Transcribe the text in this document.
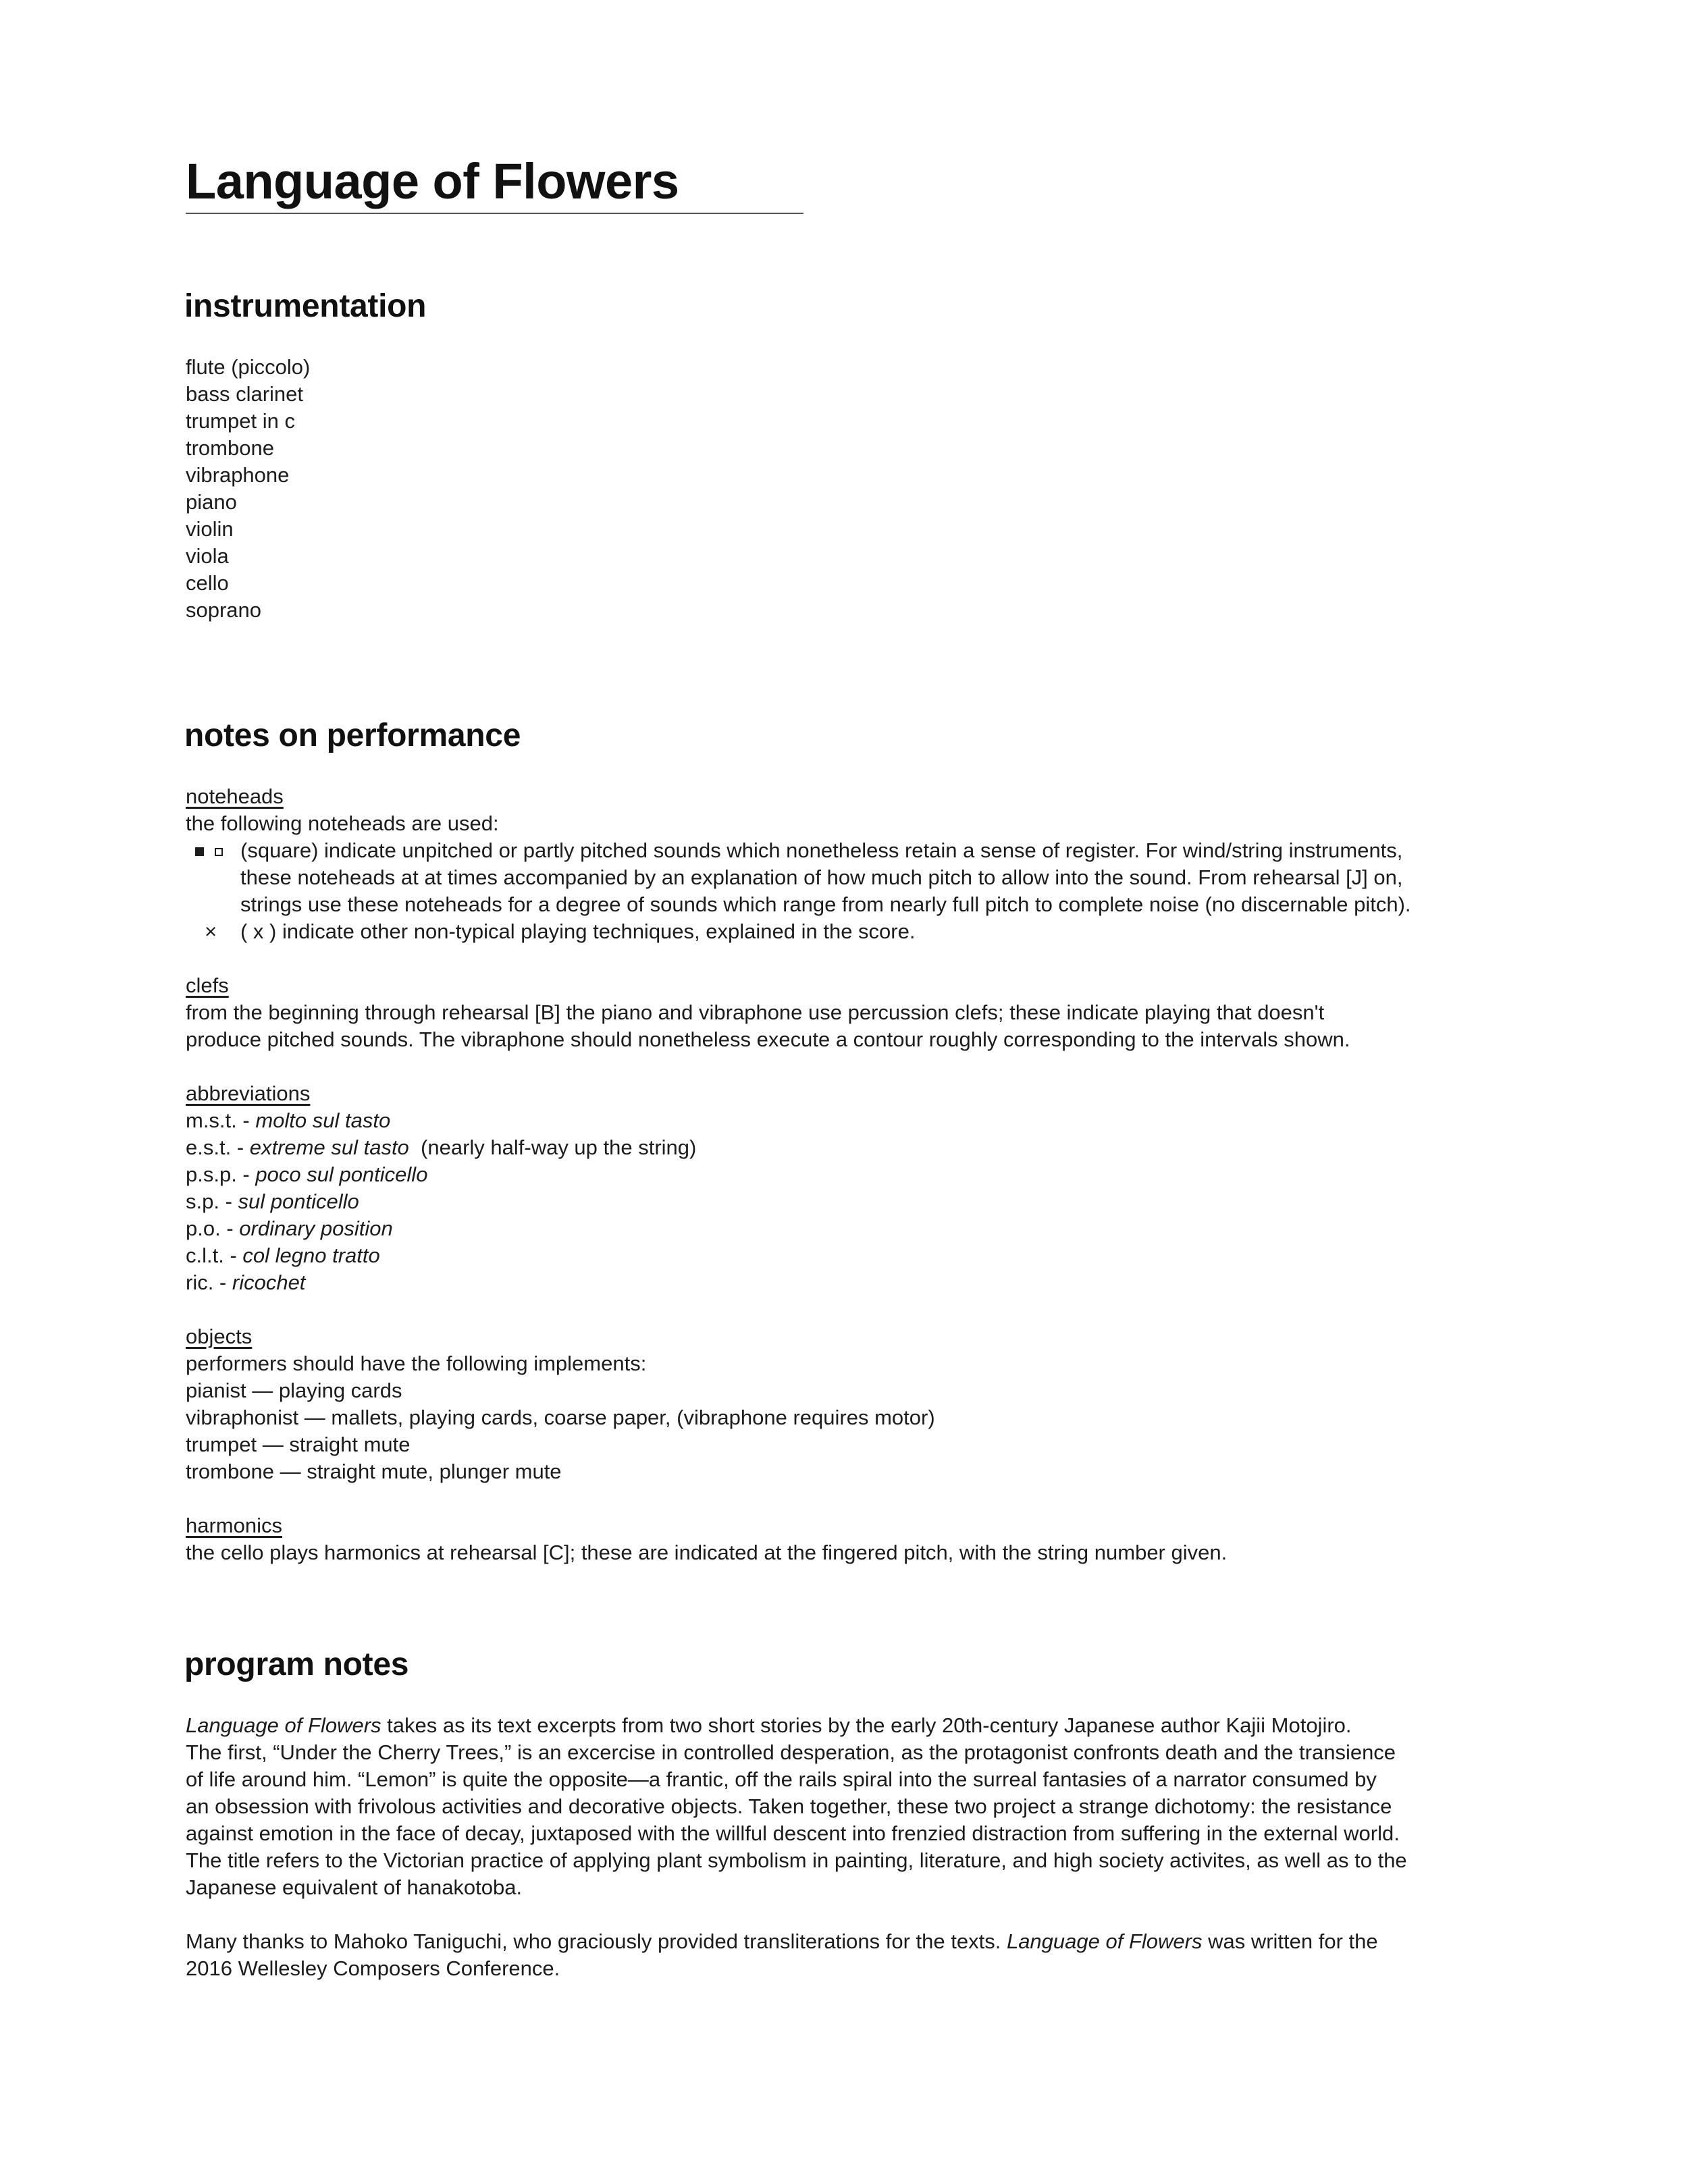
Language of Flowers
instrumentation
flute (piccolo)
bass clarinet
trumpet in c
trombone
vibraphone
piano
violin
viola
cello
soprano
notes on performance
noteheads
the following noteheads are used:
(square) indicate unpitched or partly pitched sounds which nonetheless retain a sense of register. For wind/string instruments,
these noteheads at at times accompanied by an explanation of how much pitch to allow into the sound. From rehearsal [J] on,
strings use these noteheads for a degree of sounds which range from nearly full pitch to complete noise (no discernable pitch).
× ( x ) indicate other non-typical playing techniques, explained in the score.
clefs
from the beginning through rehearsal [B] the piano and vibraphone use percussion clefs; these indicate playing that doesn't
produce pitched sounds. The vibraphone should nonetheless execute a contour roughly corresponding to the intervals shown.
abbreviations
m.s.t. - molto sul tasto
e.s.t. - extreme sul tasto  (nearly half-way up the string)
p.s.p. - poco sul ponticello
s.p. - sul ponticello
p.o. - ordinary position
c.l.t. - col legno tratto
ric. - ricochet
objects
performers should have the following implements:
pianist — playing cards
vibraphonist — mallets, playing cards, coarse paper, (vibraphone requires motor)
trumpet — straight mute
trombone — straight mute, plunger mute
harmonics
the cello plays harmonics at rehearsal [C]; these are indicated at the fingered pitch, with the string number given.
program notes
Language of Flowers takes as its text excerpts from two short stories by the early 20th-century Japanese author Kajii Motojiro.
The first, “Under the Cherry Trees,” is an excercise in controlled desperation, as the protagonist confronts death and the transience
of life around him. “Lemon” is quite the opposite—a frantic, off the rails spiral into the surreal fantasies of a narrator consumed by
an obsession with frivolous activities and decorative objects. Taken together, these two project a strange dichotomy: the resistance
against emotion in the face of decay, juxtaposed with the willful descent into frenzied distraction from suffering in the external world.
The title refers to the Victorian practice of applying plant symbolism in painting, literature, and high society activites, as well as to the
Japanese equivalent of hanakotoba.
Many thanks to Mahoko Taniguchi, who graciously provided transliterations for the texts. Language of Flowers was written for the
2016 Wellesley Composers Conference.
